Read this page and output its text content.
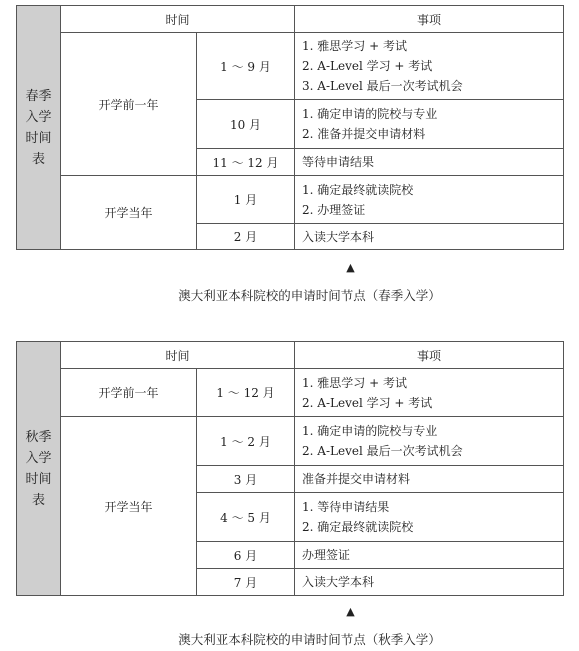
春季
入学
时间
表	时间		事项
	开学前一年	1 ～ 9 月	1. 雅思学习 + 考试
2. A-Level 学习 + 考试
3. A-Level 最后一次考试机会

		10 月	1. 确定申请的院校与专业
2. 准备并提交申请材料

		11 ～ 12 月	等待申请结果

	开学当年	1 月	1. 确定最终就读院校
2. 办理签证

		2 月	入读大学本科
▲
澳大利亚本科院校的申请时间节点（春季入学）
秋季
入学
时间
表	时间		事项
	开学前一年	1 ～ 12 月	1. 雅思学习 + 考试
2. A-Level 学习 + 考试

	开学当年	1 ～ 2 月	1. 确定申请的院校与专业
2. A-Level 最后一次考试机会

		3 月	准备并提交申请材料

		4 ～ 5 月	1. 等待申请结果
2. 确定最终就读院校

		6 月	办理签证

		7 月	入读大学本科
▲
澳大利亚本科院校的申请时间节点（秋季入学）
